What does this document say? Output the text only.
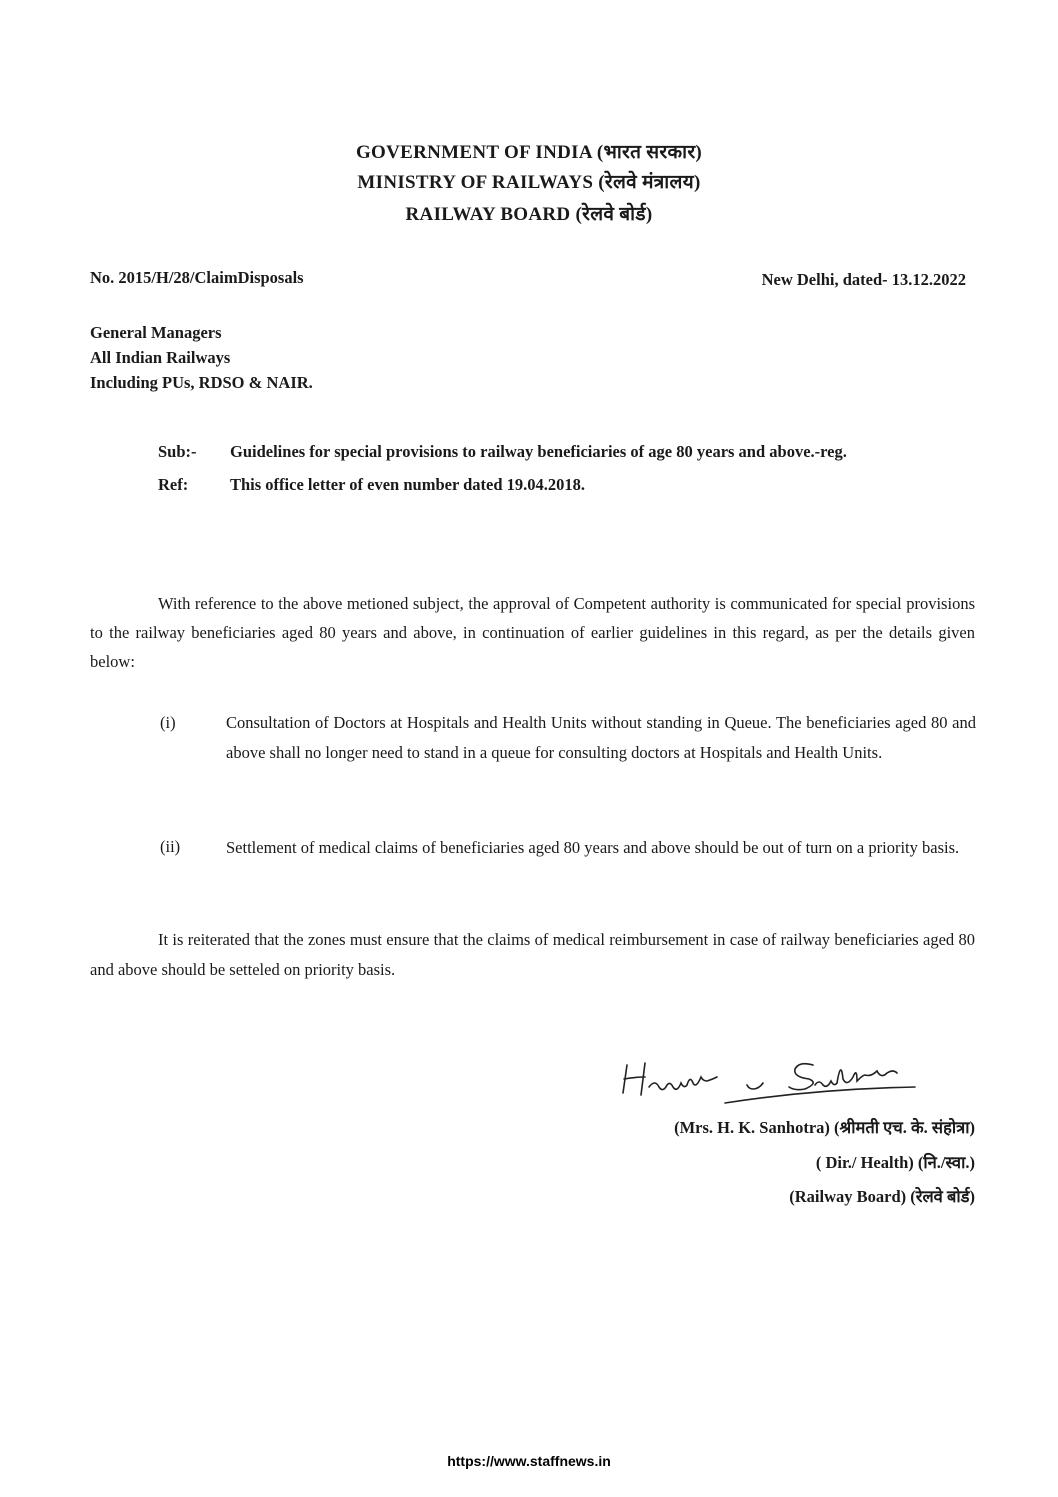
GOVERNMENT OF INDIA (भारत सरकार)
MINISTRY OF RAILWAYS (रेलवे मंत्रालय)
RAILWAY BOARD (रेलवे बोर्ड)
No. 2015/H/28/ClaimDisposals	New Delhi, dated- 13.12.2022
General Managers
All Indian Railways
Including PUs, RDSO & NAIR.
Sub:-	Guidelines for special provisions to railway beneficiaries of age 80 years and above.-reg.
Ref:	This office letter of even number dated 19.04.2018.
With reference to the above metioned subject, the approval of Competent authority is communicated for special provisions to the railway beneficiaries aged 80 years and above, in continuation of earlier guidelines in this regard, as per the details given below:
(i)	Consultation of Doctors at Hospitals and Health Units without standing in Queue. The beneficiaries aged 80 and above shall no longer need to stand in a queue for consulting doctors at Hospitals and Health Units.
(ii)	Settlement of medical claims of beneficiaries aged 80 years and above should be out of turn on a priority basis.
It is reiterated that the zones must ensure that the claims of medical reimbursement in case of railway beneficiaries aged 80 and above should be setteled on priority basis.
(Mrs. H. K. Sanhotra) (श्रीमती एच. के. संहोत्रा)
( Dir./ Health) (नि./स्वा.)
(Railway Board) (रेलवे बोर्ड)
https://www.staffnews.in
